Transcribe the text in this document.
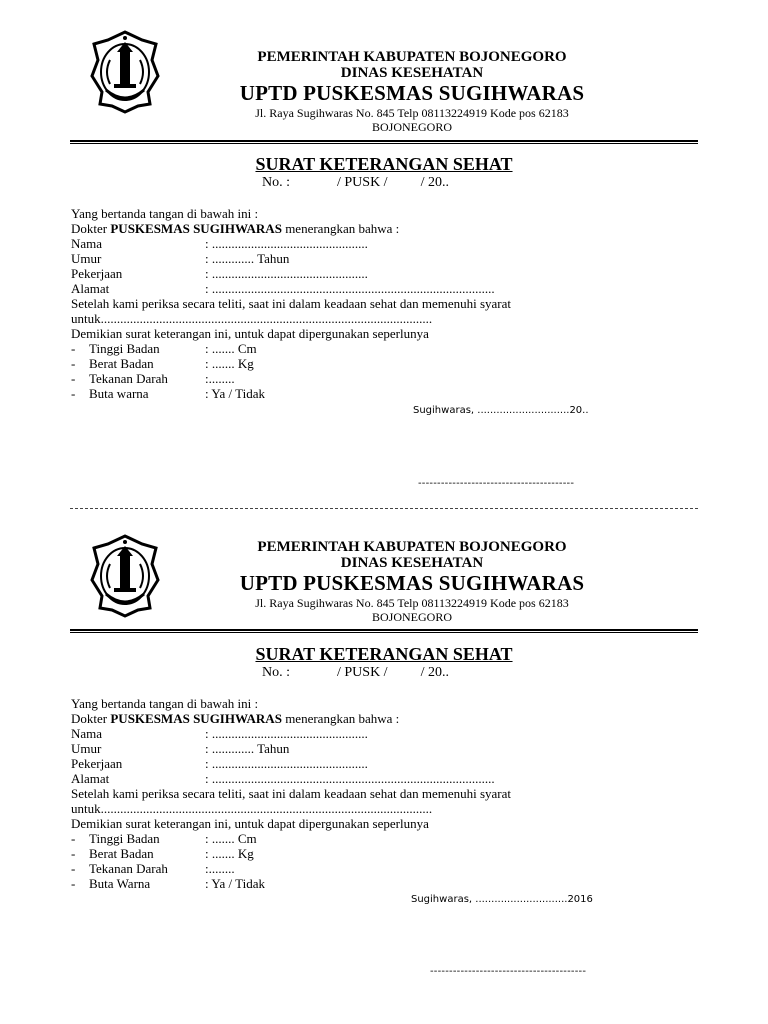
PEMERINTAH KABUPATEN BOJONEGORO
DINAS KESEHATAN
UPTD PUSKESMAS SUGIHWARAS
Jl. Raya Sugihwaras No. 845 Telp 08113224919 Kode pos 62183
BOJONEGORO
SURAT KETERANGAN SEHAT
No. :	/ PUSK / / 20..
Yang bertanda tangan di bawah ini :
Dokter PUSKESMAS SUGIHWARAS menerangkan bahwa :
Nama	: ................................................
Umur	: ............. Tahun
Pekerjaan	: ................................................
Alamat	: .......................................................................................
Setelah kami periksa secara teliti, saat ini dalam keadaan sehat dan memenuhi syarat
untuk......................................................................................................
Demikian surat keterangan ini, untuk dapat dipergunakan seperlunya
- Tinggi Badan	: ....... Cm
- Berat Badan	: ....... Kg
- Tekanan Darah	:........
- Buta warna	: Ya / Tidak
Sugihwaras, .............................20..
-----------------------------------------
PEMERINTAH KABUPATEN BOJONEGORO
DINAS KESEHATAN
UPTD PUSKESMAS SUGIHWARAS
Jl. Raya Sugihwaras No. 845 Telp 08113224919 Kode pos 62183
BOJONEGORO
SURAT KETERANGAN SEHAT
No. :	/ PUSK / / 20..
Yang bertanda tangan di bawah ini :
Dokter PUSKESMAS SUGIHWARAS menerangkan bahwa :
Nama	: ................................................
Umur	: ............. Tahun
Pekerjaan	: ................................................
Alamat	: .......................................................................................
Setelah kami periksa secara teliti, saat ini dalam keadaan sehat dan memenuhi syarat
untuk......................................................................................................
Demikian surat keterangan ini, untuk dapat dipergunakan seperlunya
- Tinggi Badan	: ....... Cm
- Berat Badan	: ....... Kg
- Tekanan Darah	:........
- Buta Warna	: Ya / Tidak
Sugihwaras, .............................2016
-----------------------------------------
